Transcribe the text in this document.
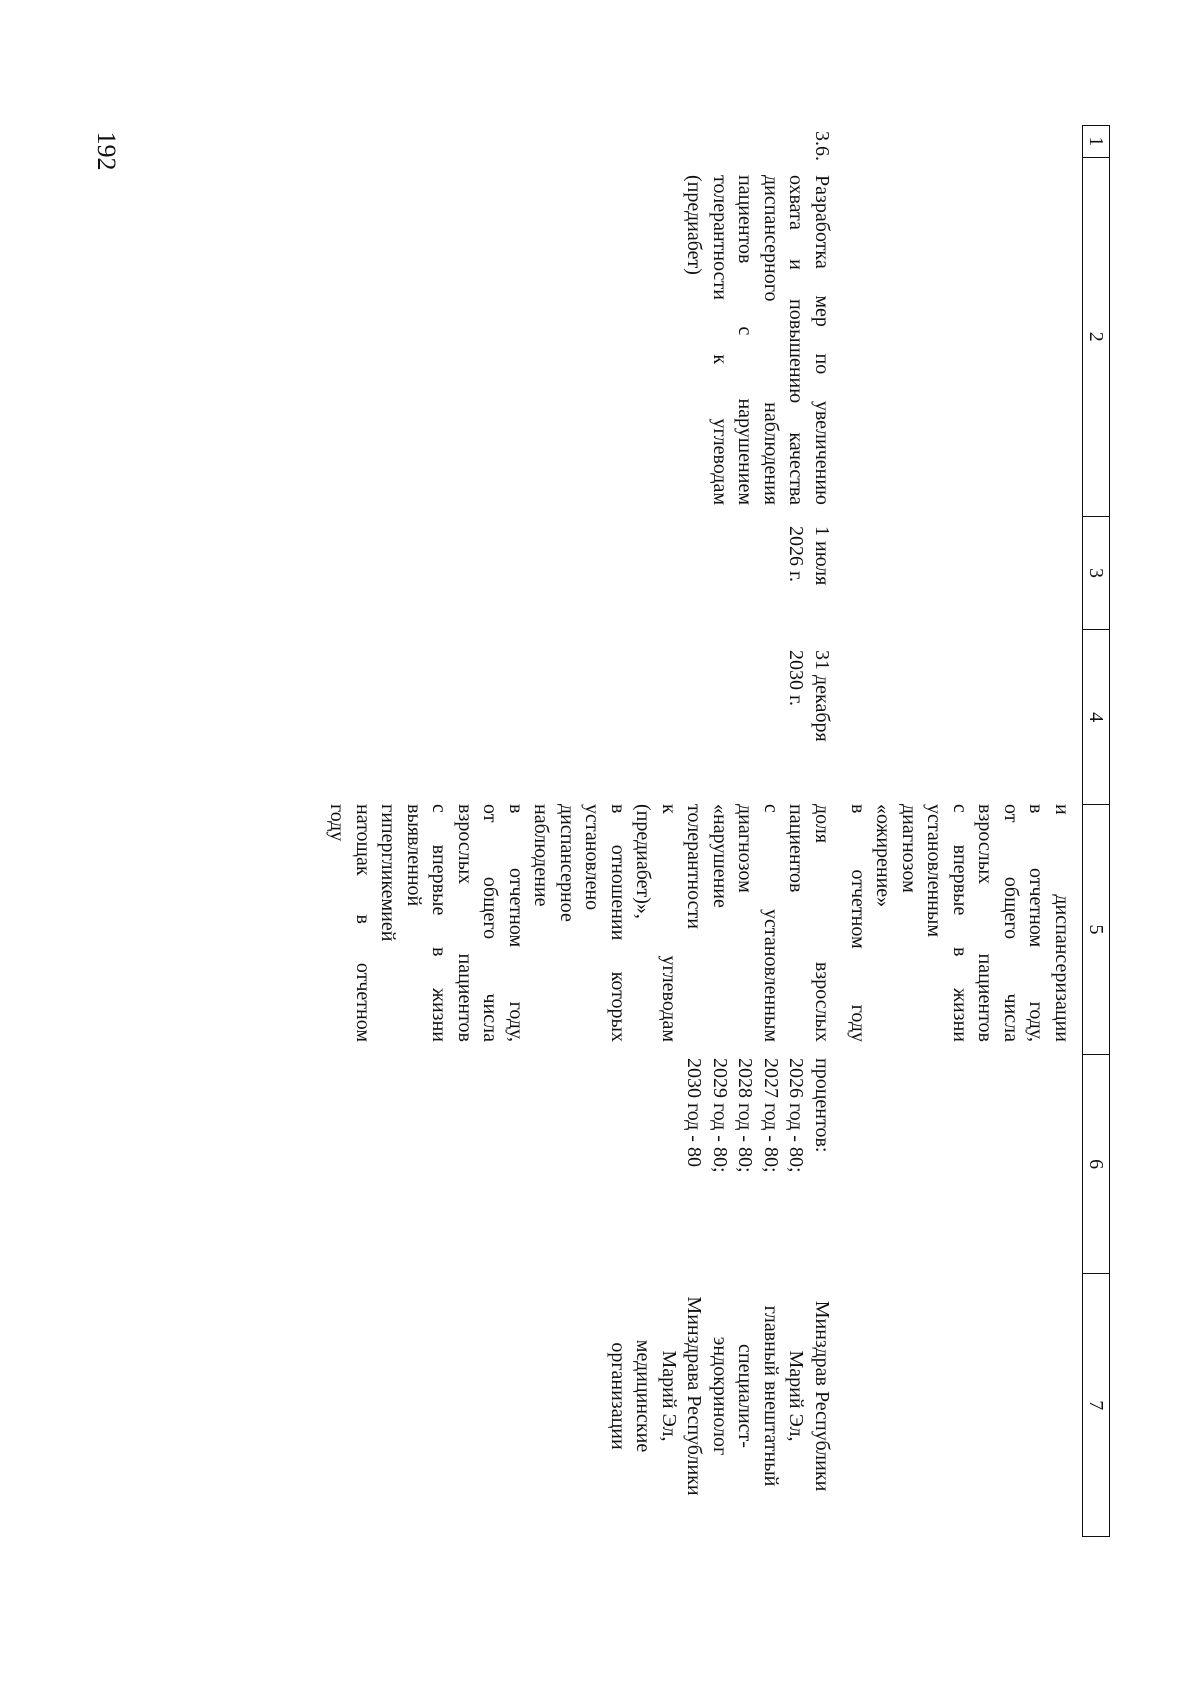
192	1
2
3
4
5
6
7
и диспансеризации
в отчетном году,
от общего числа
взрослых пациентов
с впервые в жизни
установленным
диагнозом
«ожирение»
в отчетном году
3.6.
Разработка мер по увеличению
охвата и повышению качества
диспансерного наблюдения
пациентов с нарушением
толерантности к углеводам
(предиабет)
1 июля
2026 г.
31 декабря
2030 г.
доля взрослых
пациентов
с установленным
диагнозом
«нарушение
толерантности
к углеводам
(предиабет)»,
в отношении которых
установлено
диспансерное
наблюдение
в отчетном году,
от общего числа
взрослых пациентов
с впервые в жизни
выявленной
гипергликемией
натощак в отчетном
году
процентов:
2026 год - 80;
2027 год - 80;
2028 год - 80;
2029 год - 80;
2030 год - 80
Минздрав Республики
Марий Эл,
главный внештатный
специалист-
эндокринолог
Минздрава Республики
Марий Эл,
медицинские
организации
